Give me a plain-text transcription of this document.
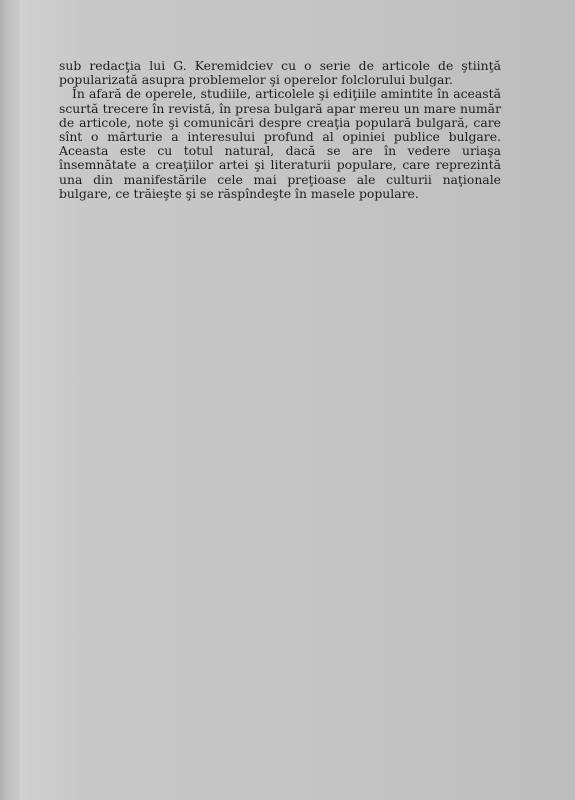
sub redacţia lui G. Keremidciev cu o serie de articole de ştiinţă popularizată asupra problemelor şi operelor folclorului bulgar.

În afară de operele, studiile, articolele şi ediţiile amintite în această scurtă trecere în revistă, în presa bulgară apar mereu un mare număr de articole, note şi comunicări despre creaţia populară bulgară, care sînt o mărturie a interesului profund al opiniei publice bulgare. Aceasta este cu totul natural, dacă se are în vedere uriaşa însemnătate a creaţiilor artei şi literaturii populare, care reprezintă una din manifestările cele mai preţioase ale culturii naţionale bulgare, ce trăieşte şi se răspîndeşte în masele populare.
